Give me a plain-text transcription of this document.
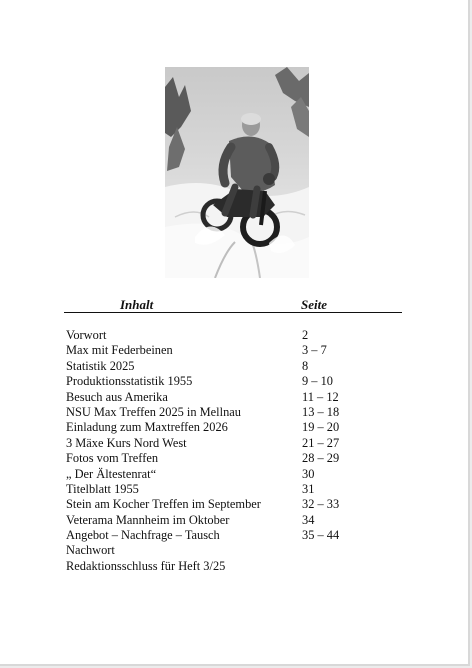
Inhalt	Seite
Vorwort	2
Max mit Federbeinen	3 – 7
Statistik 2025	8
Produktionsstatistik 1955	9 – 10
Besuch aus Amerika	11 – 12
NSU Max Treffen 2025 in Mellnau	13 – 18
Einladung zum Maxtreffen 2026	19 – 20
3 Mäxe Kurs Nord West	21 – 27
Fotos vom Treffen	28 – 29
„ Der Ältestenrat“	30
Titelblatt 1955	31
Stein am Kocher Treffen im September	32 – 33
Veterama Mannheim im Oktober	34
Angebot – Nachfrage – Tausch	35 – 44
Nachwort
Redaktionsschluss für Heft 3/25
